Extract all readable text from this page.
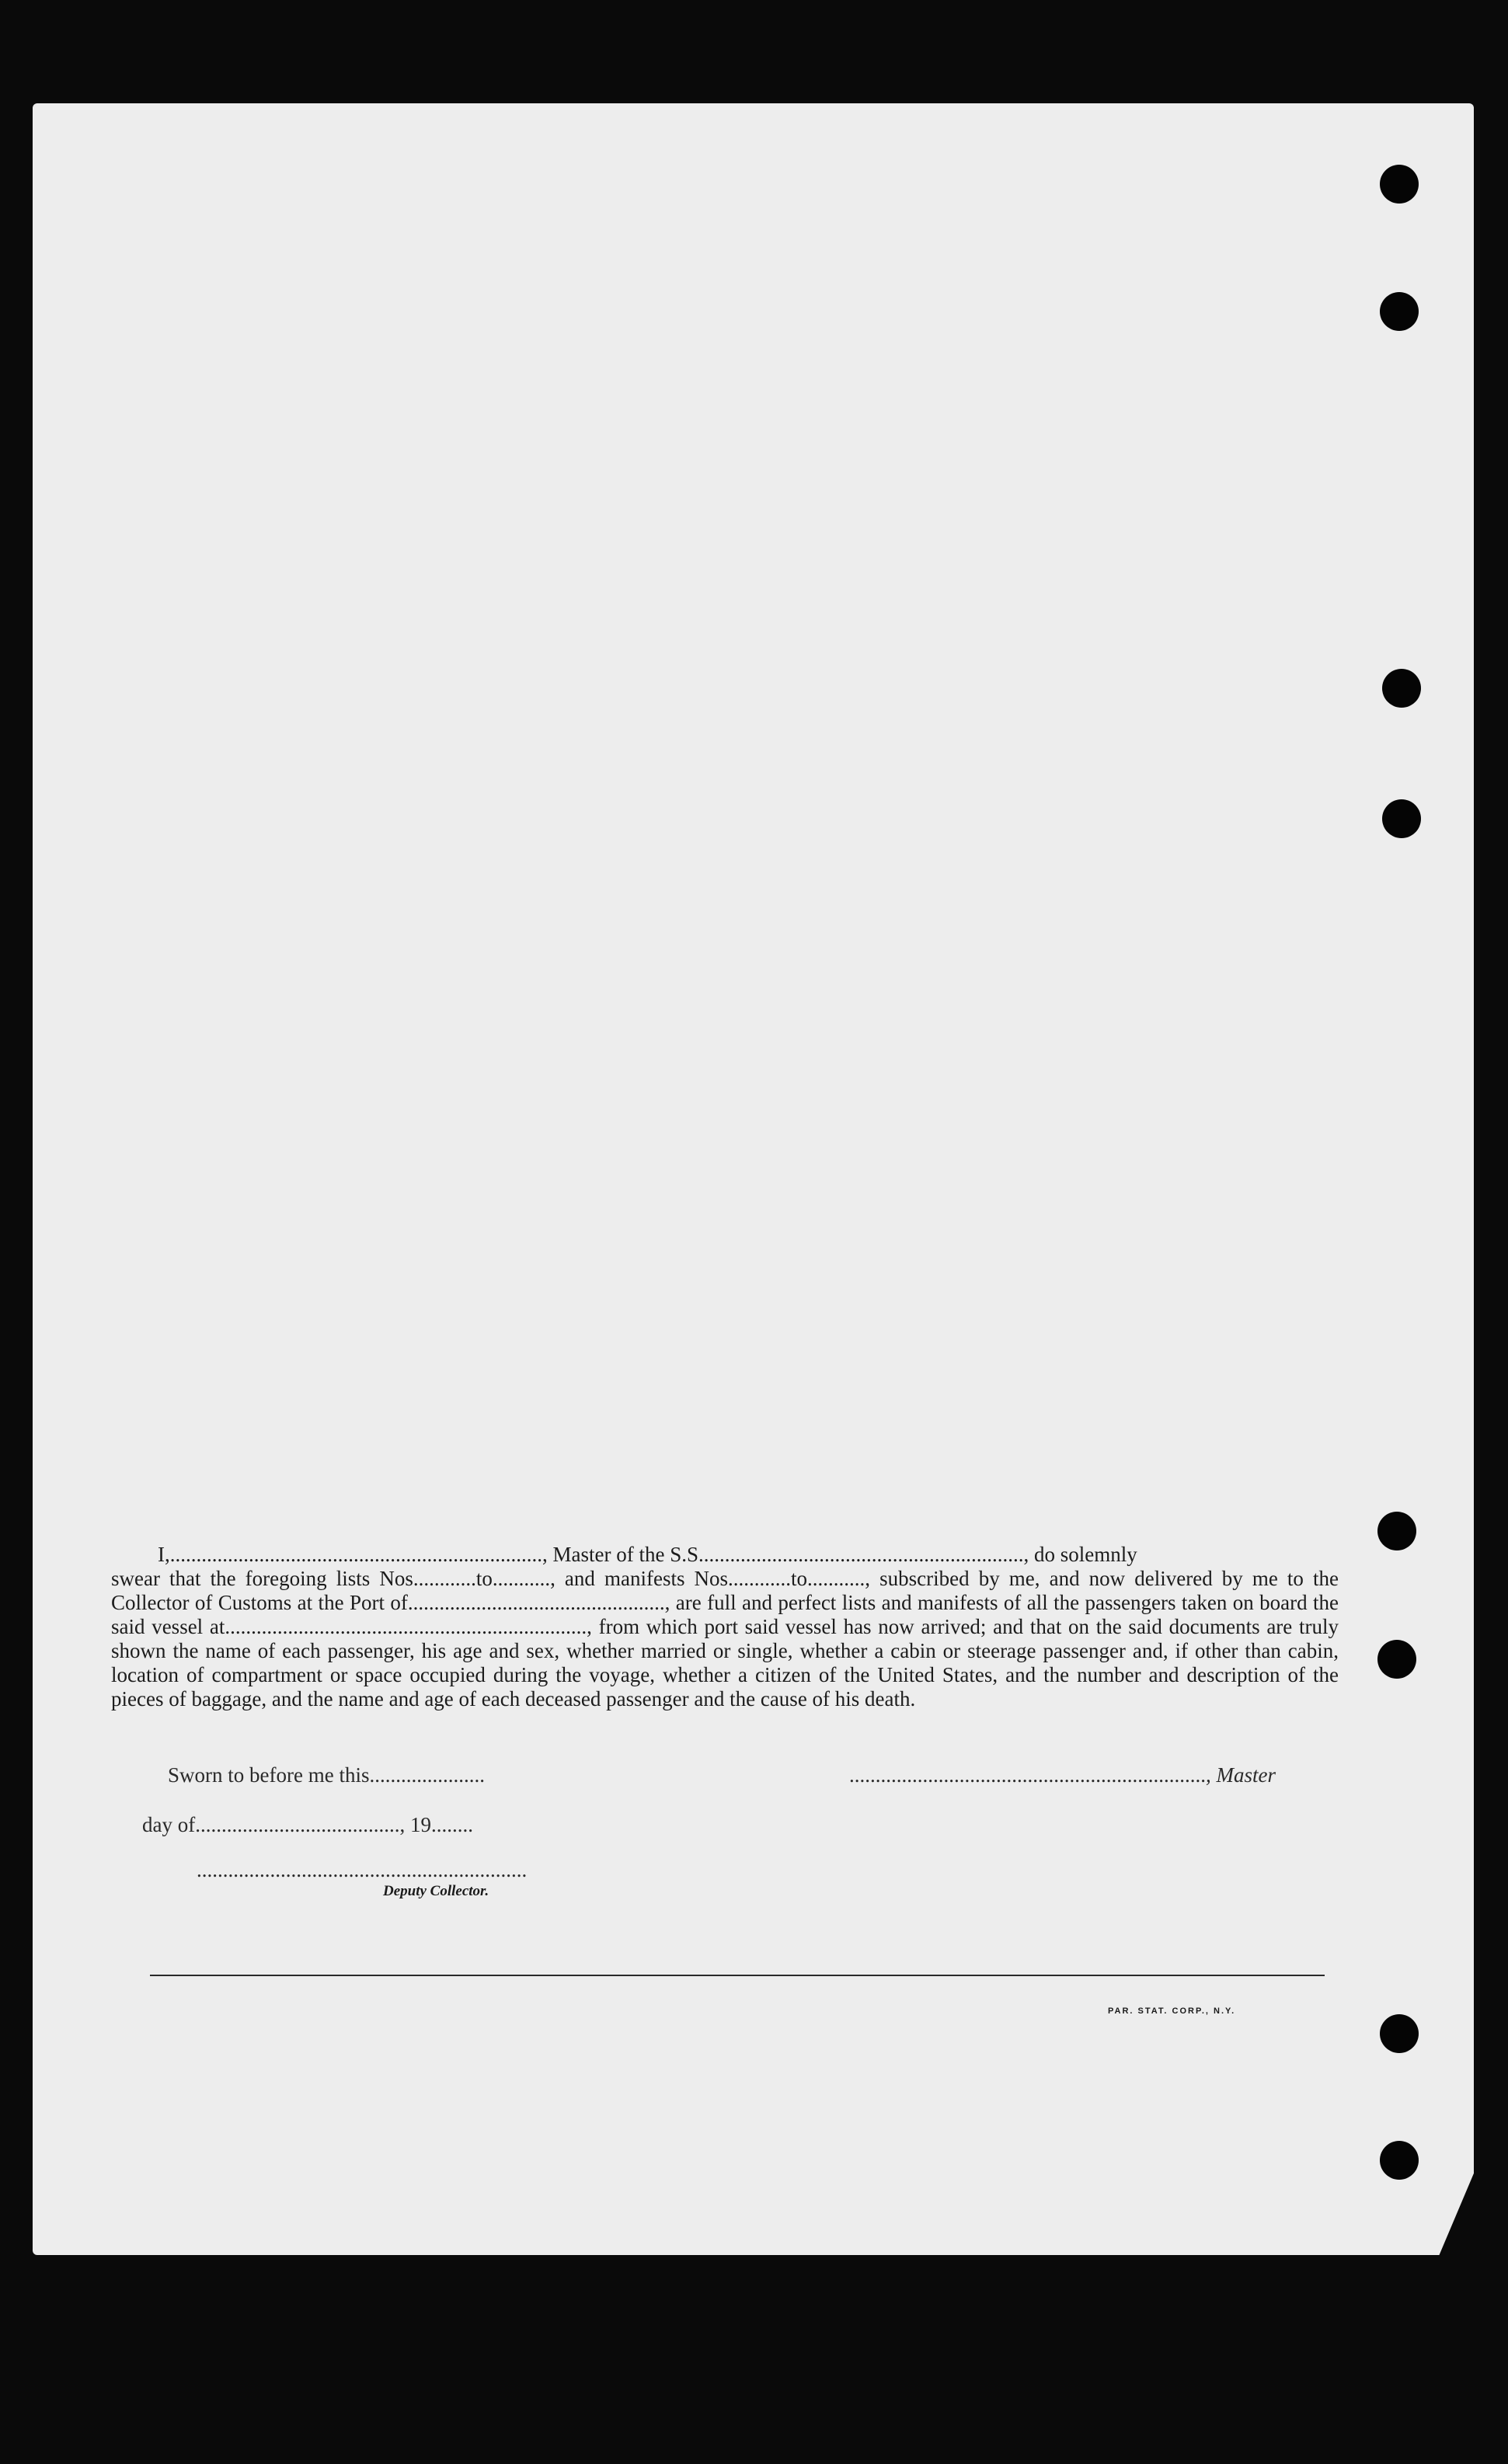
I,......................................................................., Master of the S.S.............................................................., do solemnly
swear that the foregoing lists Nos............to..........., and manifests Nos............to..........., subscribed by me, and now delivered by me to the Collector of Customs at the Port of................................................., are full and perfect lists and manifests of all the passengers taken on board the said vessel at....................................................................., from which port said vessel has now arrived; and that on the said documents are truly shown the name of each passenger, his age and sex, whether married or single, whether a cabin or steerage passenger and, if other than cabin, location of compartment or space occupied during the voyage, whether a citizen of the United States, and the number and description of the pieces of baggage, and the name and age of each deceased passenger and the cause of his death.
Sworn to before me this......................	...................................................................., Master
day of......................................., 19........
...............................................................
Deputy Collector.
PAR. STAT. CORP., N.Y.
